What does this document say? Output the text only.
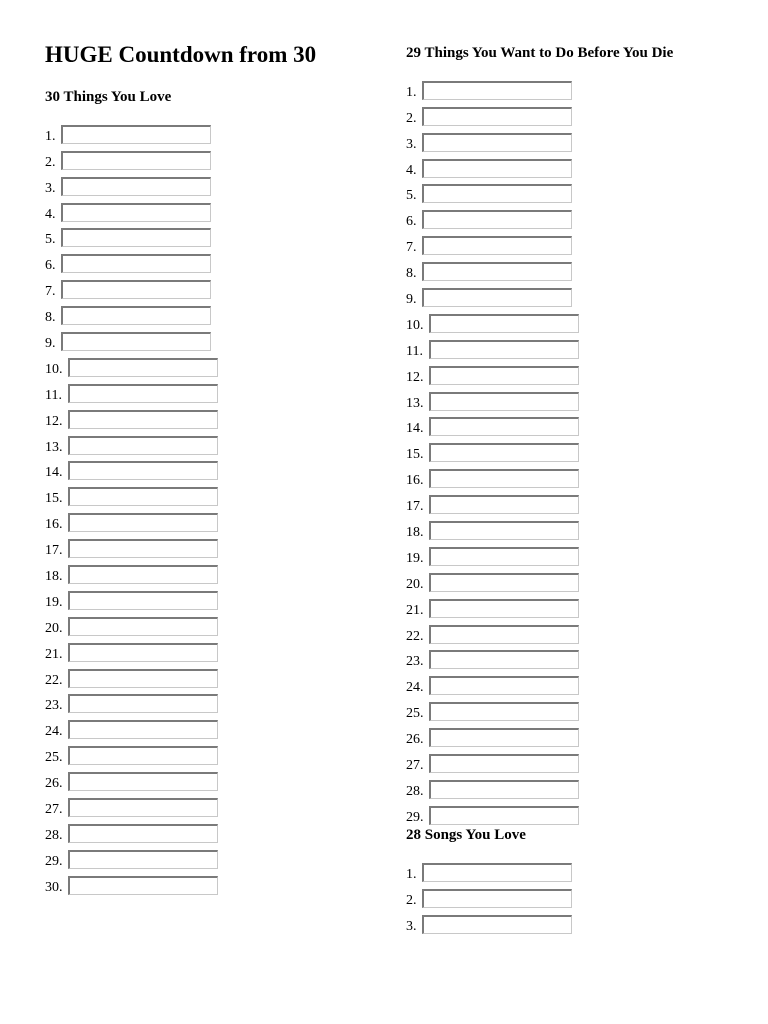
HUGE Countdown from 30
30 Things You Love
1.
2.
3.
4.
5.
6.
7.
8.
9.
10.
11.
12.
13.
14.
15.
16.
17.
18.
19.
20.
21.
22.
23.
24.
25.
26.
27.
28.
29.
30.
29 Things You Want to Do Before You Die
1.
2.
3.
4.
5.
6.
7.
8.
9.
10.
11.
12.
13.
14.
15.
16.
17.
18.
19.
20.
21.
22.
23.
24.
25.
26.
27.
28.
29.
28 Songs You Love
1.
2.
3.
